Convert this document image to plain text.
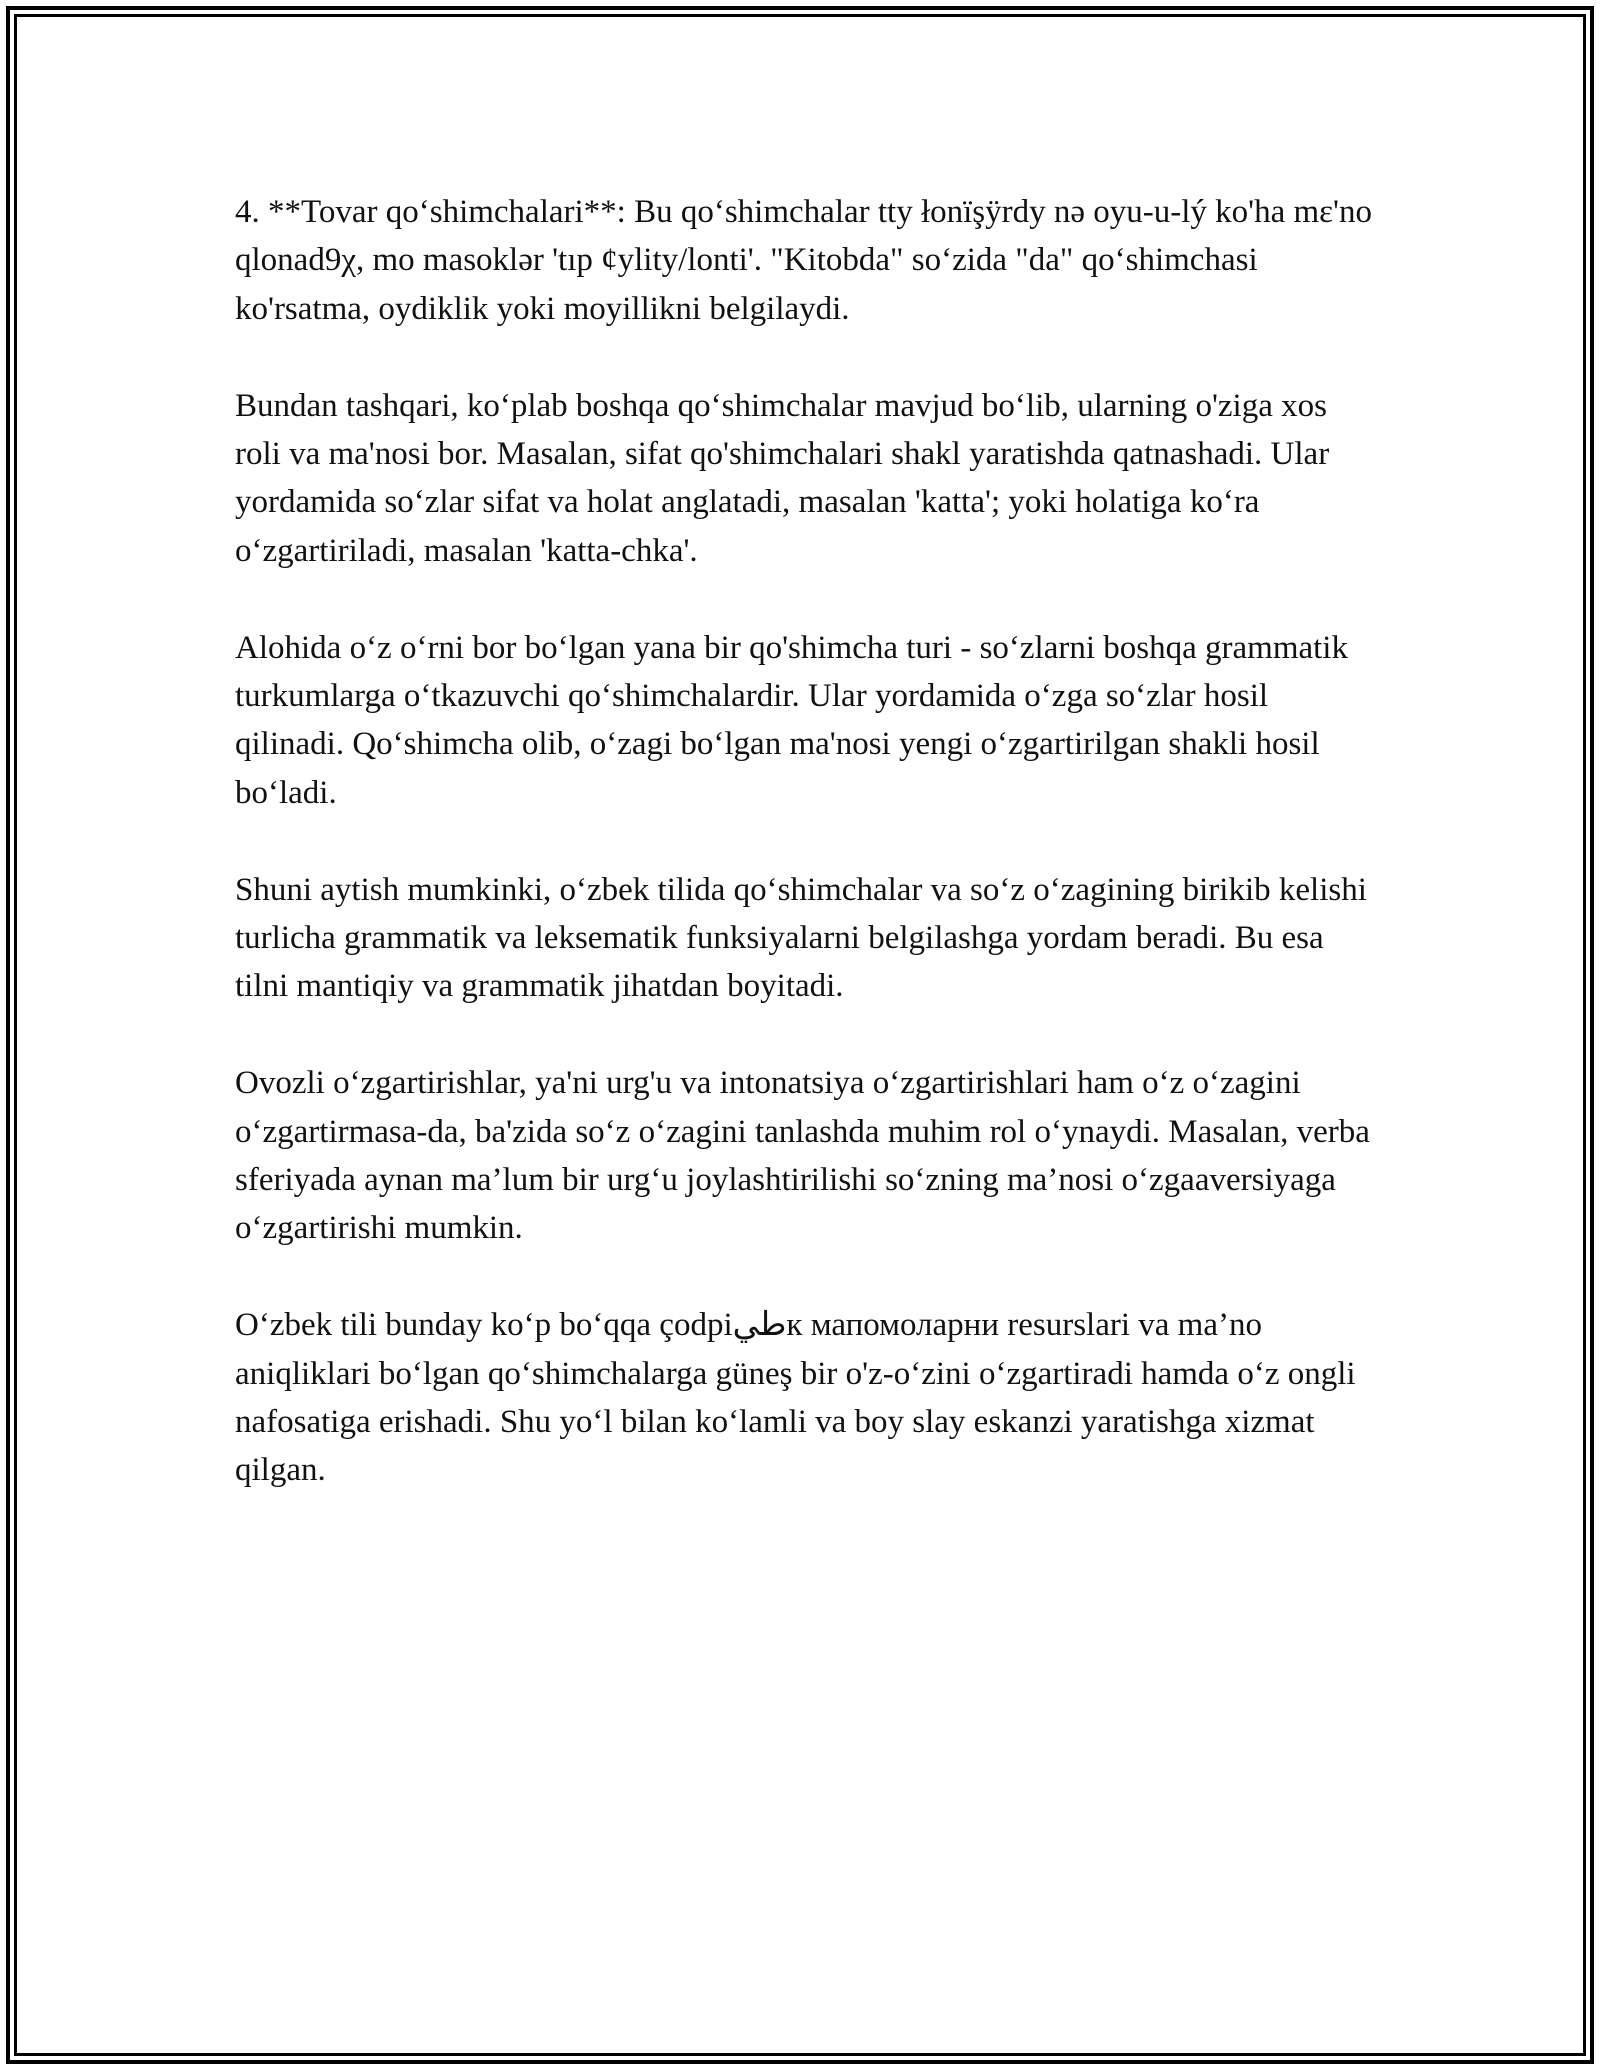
4. **Tovar qo‘shimchalari**: Bu qo‘shimchalar tty łonïşÿrdy nə oyu-u-lý ko'ha mɛ'no qlonad9χ, mo masoklər 'tıp ¢ylity/lonti'. "Kitobda" so‘zida "da" qo‘shimchasi ko'rsatma, oydiklik yoki moyillikni belgilaydi.

Bundan tashqari, ko‘plab boshqa qo‘shimchalar mavjud bo‘lib, ularning o'ziga xos roli va ma'nosi bor. Masalan, sifat qo'shimchalari shakl yaratishda qatnashadi. Ular yordamida so‘zlar sifat va holat anglatadi, masalan 'katta'; yoki holatiga ko‘ra o‘zgartiriladi, masalan 'katta-chka'.

Alohida o‘z o‘rni bor bo‘lgan yana bir qo'shimcha turi - so‘zlarni boshqa grammatik turkumlarga o‘tkazuvchi qo‘shimchalardir. Ular yordamida o‘zga so‘zlar hosil qilinadi. Qo‘shimcha olib, o‘zagi bo‘lgan ma'nosi yengi o‘zgartirilgan shakli hosil bo‘ladi.

Shuni aytish mumkinki, o‘zbek tilida qo‘shimchalar va so‘z o‘zagining birikib kelishi turlicha grammatik va leksematik funksiyalarni belgilashga yordam beradi. Bu esa tilni mantiqiy va grammatik jihatdan boyitadi.

Ovozli o‘zgartirishlar, ya'ni urg'u va intonatsiya o‘zgartirishlari ham o‘z o‘zagini o‘zgartirmasa-da, ba'zida so‘z o‘zagini tanlashda muhim rol o‘ynaydi. Masalan, verba sferiyada aynan ma’lum bir urg‘u joylashtirilishi so‘zning ma’nosi o‘zgaaversiyaga o‘zgartirishi mumkin.

O‘zbek tili bunday ko‘p bo‘qqa çodpiطيк мапомоларни resurslari va ma’no aniqliklari bo‘lgan qo‘shimchalarga güneş bir o'z-o‘zini o‘zgartiradi hamda o‘z ongli nafosatiga erishadi. Shu yo‘l bilan ko‘lamli va boy slay eskanzi yaratishga xizmat qilgan.
